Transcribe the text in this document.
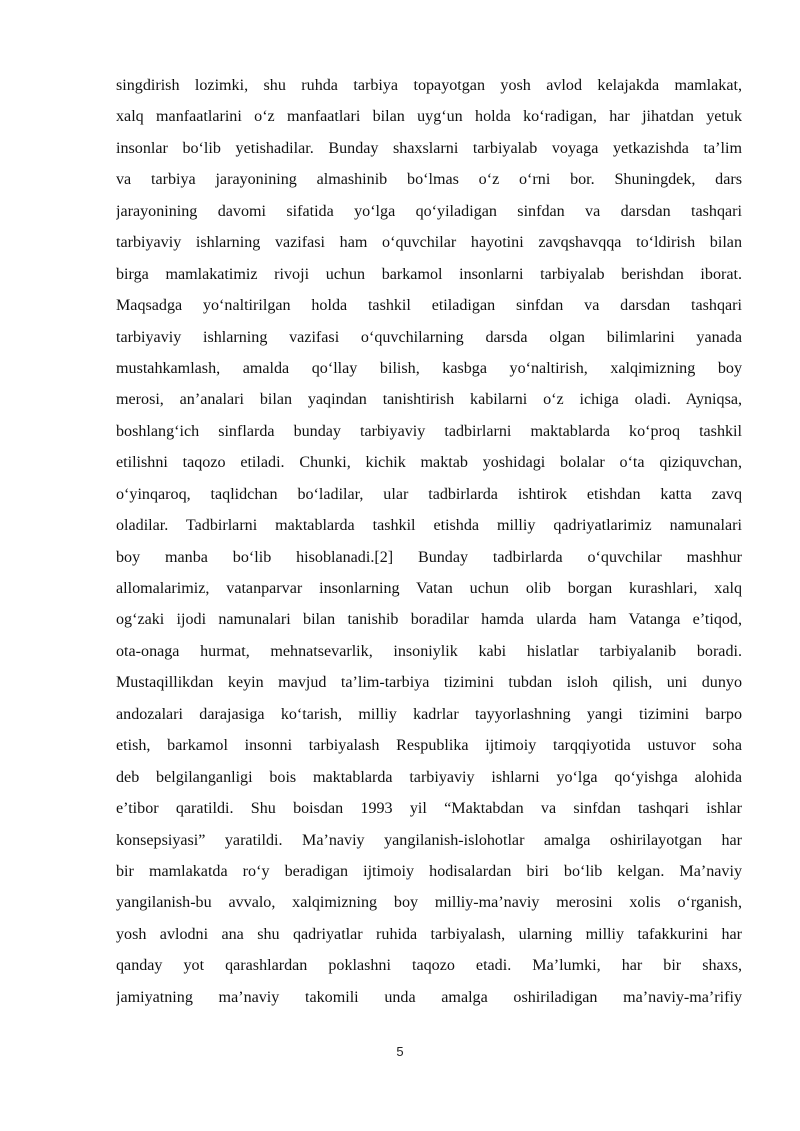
singdirish lozimki, shu ruhda tarbiya topayotgan yosh avlod kelajakda mamlakat,
xalq manfaatlarini o‘z manfaatlari bilan uyg‘un holda ko‘radigan, har jihatdan yetuk
insonlar bo‘lib yetishadilar. Bunday shaxslarni tarbiyalab voyaga yetkazishda ta’lim
va tarbiya jarayonining almashinib bo‘lmas o‘z o‘rni bor. Shuningdek, dars
jarayonining davomi sifatida yo‘lga qo‘yiladigan sinfdan va darsdan tashqari
tarbiyaviy ishlarning vazifasi ham o‘quvchilar hayotini zavqshavqqa to‘ldirish bilan
birga mamlakatimiz rivoji uchun barkamol insonlarni tarbiyalab berishdan iborat.
Maqsadga yo‘naltirilgan holda tashkil etiladigan sinfdan va darsdan tashqari
tarbiyaviy ishlarning vazifasi o‘quvchilarning darsda olgan bilimlarini yanada
mustahkamlash, amalda qo‘llay bilish, kasbga yo‘naltirish, xalqimizning boy
merosi, an’analari bilan yaqindan tanishtirish kabilarni o‘z ichiga oladi. Ayniqsa,
boshlang‘ich sinflarda bunday tarbiyaviy tadbirlarni maktablarda ko‘proq tashkil
etilishni taqozo etiladi. Chunki, kichik maktab yoshidagi bolalar o‘ta qiziquvchan,
o‘yinqaroq, taqlidchan bo‘ladilar, ular tadbirlarda ishtirok etishdan katta zavq
oladilar. Tadbirlarni maktablarda tashkil etishda milliy qadriyatlarimiz namunalari
boy manba bo‘lib hisoblanadi.[2] Bunday tadbirlarda o‘quvchilar mashhur
allomalarimiz, vatanparvar insonlarning Vatan uchun olib borgan kurashlari, xalq
og‘zaki ijodi namunalari bilan tanishib boradilar hamda ularda ham Vatanga e’tiqod,
ota-onaga hurmat, mehnatsevarlik, insoniylik kabi hislatlar tarbiyalanib boradi.
Mustaqillikdan keyin mavjud ta’lim-tarbiya tizimini tubdan isloh qilish, uni dunyo
andozalari darajasiga ko‘tarish, milliy kadrlar tayyorlashning yangi tizimini barpo
etish, barkamol insonni tarbiyalash Respublika ijtimoiy tarqqiyotida ustuvor soha
deb belgilanganligi bois maktablarda tarbiyaviy ishlarni yo‘lga qo‘yishga alohida
e’tibor qaratildi. Shu boisdan 1993 yil “Maktabdan va sinfdan tashqari ishlar
konsepsiyasi” yaratildi. Ma’naviy yangilanish-islohotlar amalga oshirilayotgan har
bir mamlakatda ro‘y beradigan ijtimoiy hodisalardan biri bo‘lib kelgan. Ma’naviy
yangilanish-bu avvalo, xalqimizning boy milliy-ma’naviy merosini xolis o‘rganish,
yosh avlodni ana shu qadriyatlar ruhida tarbiyalash, ularning milliy tafakkurini har
qanday yot qarashlardan poklashni taqozo etadi. Ma’lumki, har bir shaxs,
jamiyatning ma’naviy takomili unda amalga oshiriladigan ma’naviy-ma’rifiy
5
